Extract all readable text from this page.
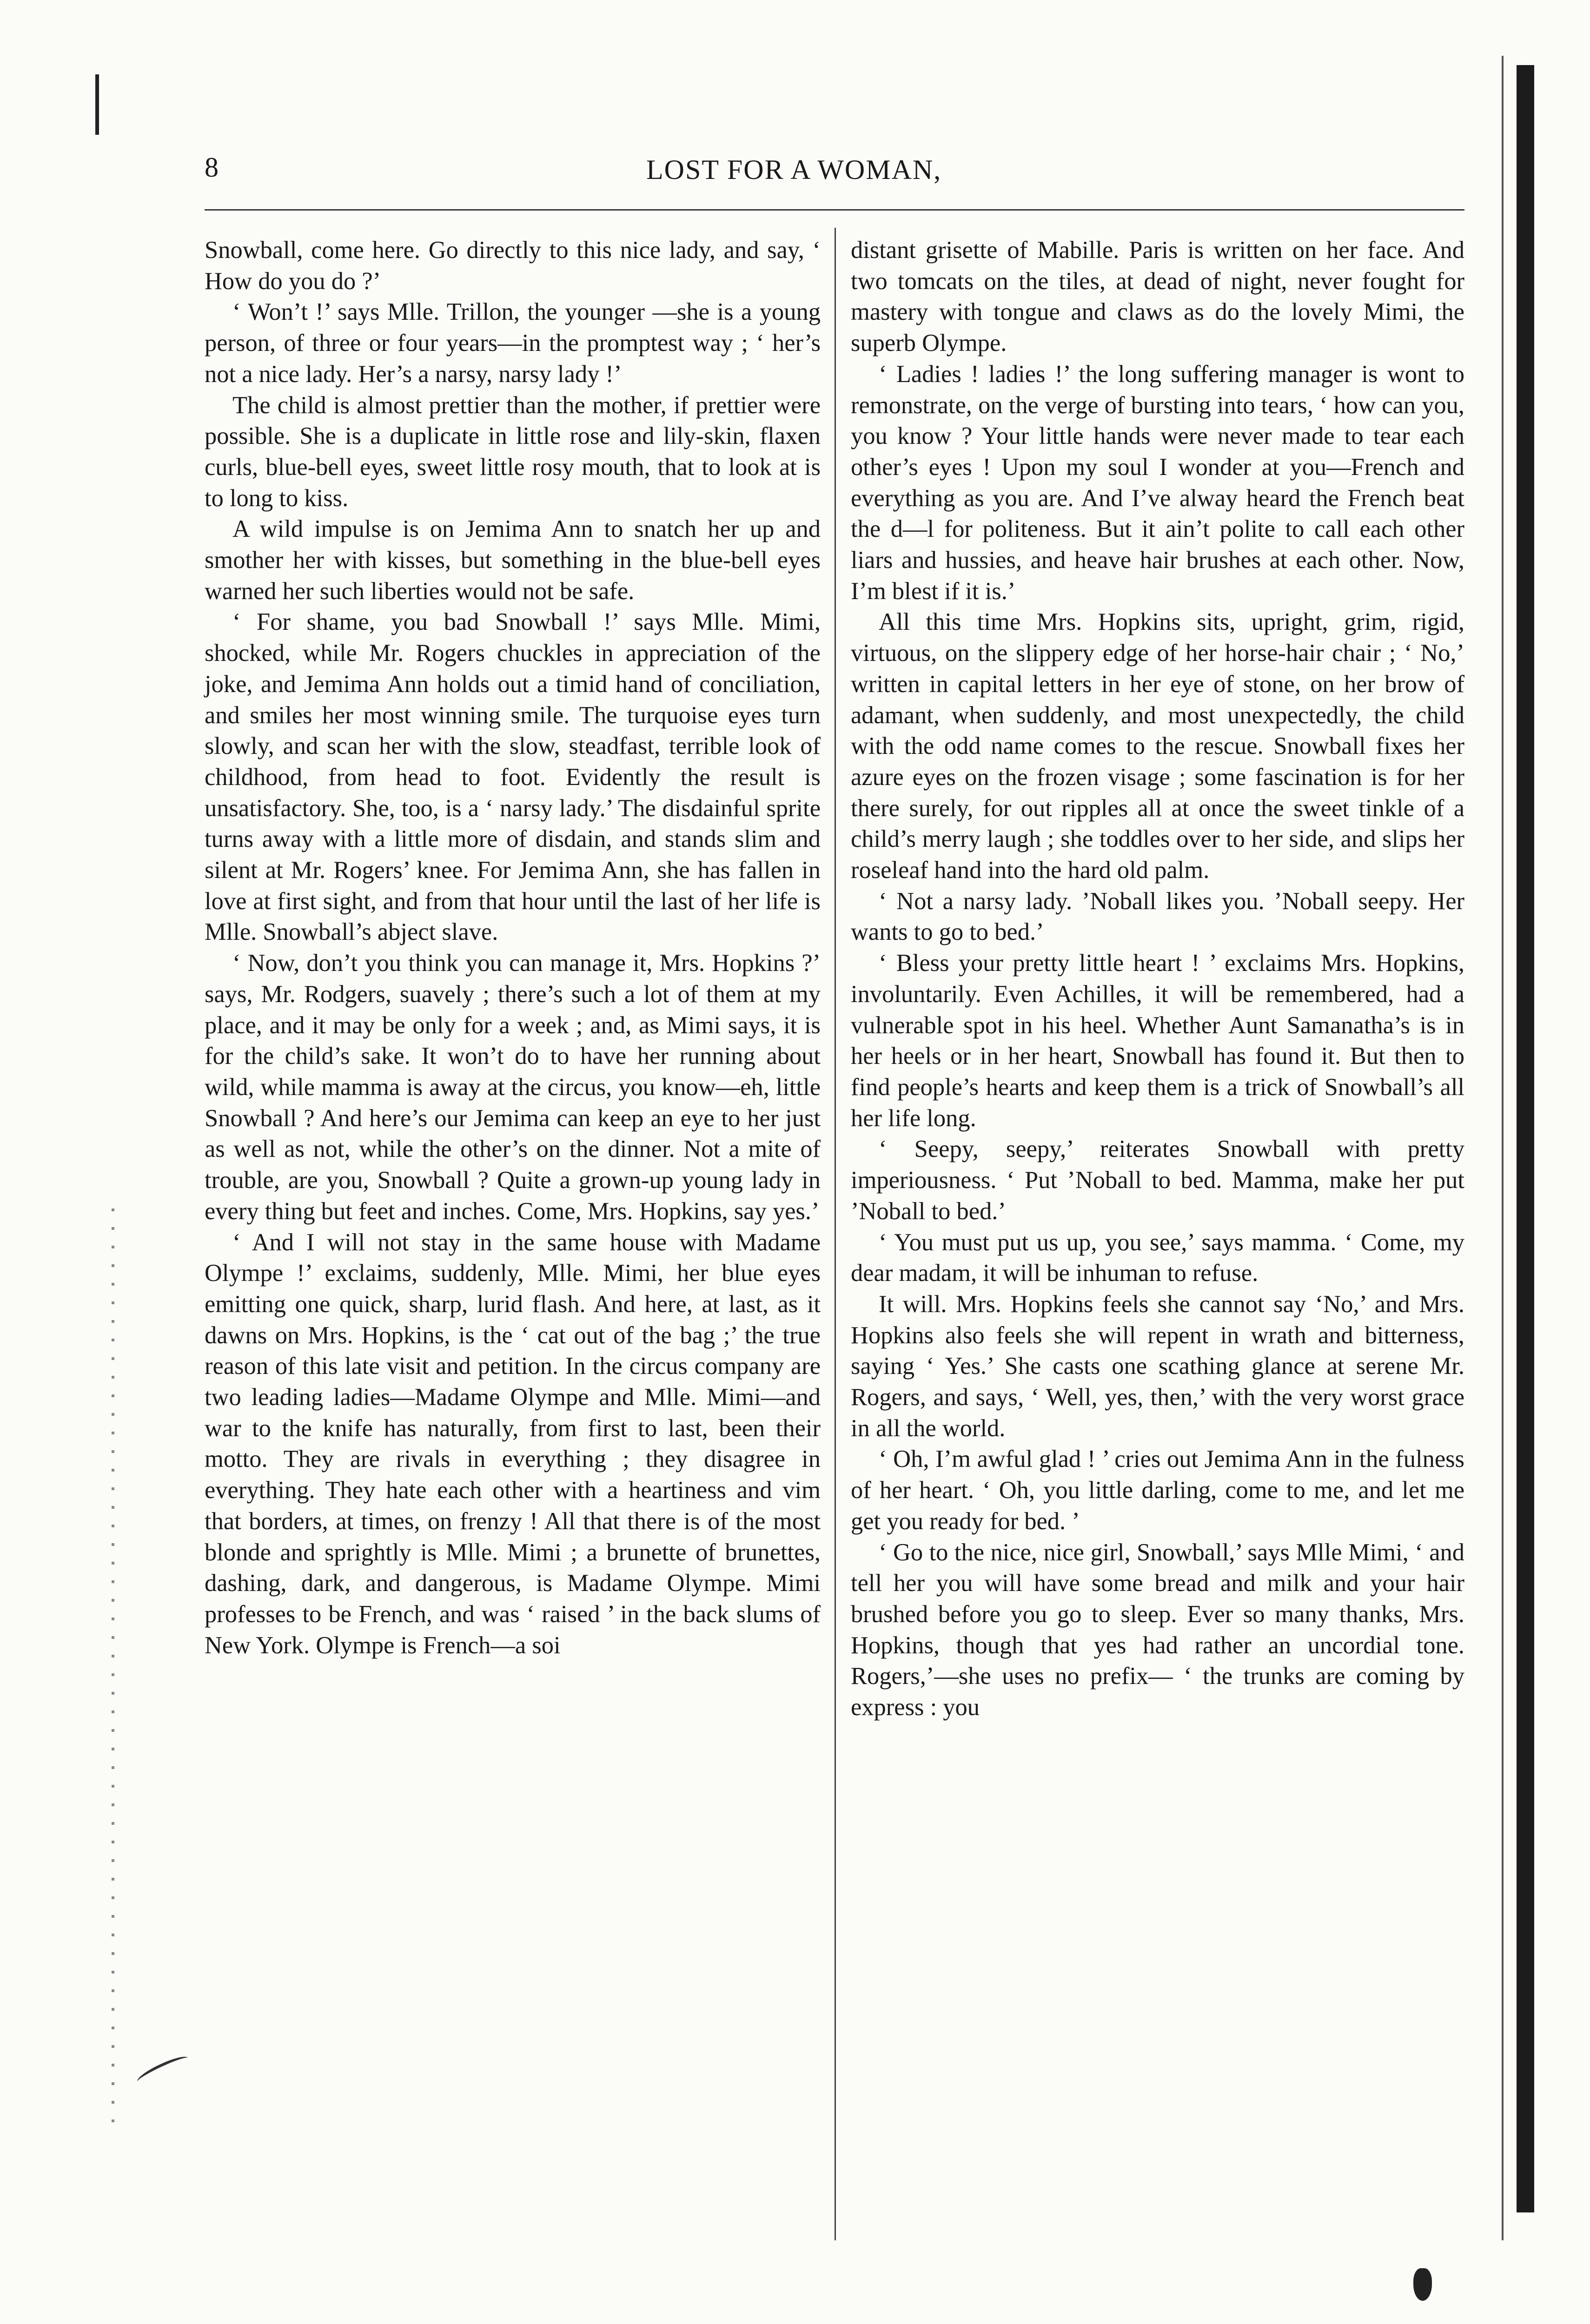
8	LOST FOR A WOMAN,

Snowball, come here. Go directly to this nice lady, and say, ‘ How do you do ?’

‘ Won’t !’ says Mlle. Trillon, the younger —she is a young person, of three or four years—in the promptest way ; ‘ her’s not a nice lady. Her’s a narsy, narsy lady !’

The child is almost prettier than the mother, if prettier were possible. She is a duplicate in little rose and lily-skin, flaxen curls, blue-bell eyes, sweet little rosy mouth, that to look at is to long to kiss.

A wild impulse is on Jemima Ann to snatch her up and smother her with kisses, but something in the blue-bell eyes warned her such liberties would not be safe.

‘ For shame, you bad Snowball !’ says Mlle. Mimi, shocked, while Mr. Rogers chuckles in appreciation of the joke, and Jemima Ann holds out a timid hand of conciliation, and smiles her most winning smile. The turquoise eyes turn slowly, and scan her with the slow, steadfast, terrible look of childhood, from head to foot. Evidently the result is unsatisfactory. She, too, is a ‘ narsy lady.’ The disdainful sprite turns away with a little more of disdain, and stands slim and silent at Mr. Rogers’ knee. For Jemima Ann, she has fallen in love at first sight, and from that hour until the last of her life is Mlle. Snowball’s abject slave.

‘ Now, don’t you think you can manage it, Mrs. Hopkins ?’ says, Mr. Rodgers, suavely ; there’s such a lot of them at my place, and it may be only for a week ; and, as Mimi says, it is for the child’s sake. It won’t do to have her running about wild, while mamma is away at the circus, you know—eh, little Snowball ? And here’s our Jemima can keep an eye to her just as well as not, while the other’s on the dinner. Not a mite of trouble, are you, Snowball ? Quite a grown-up young lady in every thing but feet and inches. Come, Mrs. Hopkins, say yes.’

‘ And I will not stay in the same house with Madame Olympe !’ exclaims, suddenly, Mlle. Mimi, her blue eyes emitting one quick, sharp, lurid flash. And here, at last, as it dawns on Mrs. Hopkins, is the ‘ cat out of the bag ;’ the true reason of this late visit and petition. In the circus company are two leading ladies—Madame Olympe and Mlle. Mimi—and war to the knife has naturally, from first to last, been their motto. They are rivals in everything ; they disagree in everything. They hate each other with a heartiness and vim that borders, at times, on frenzy ! All that there is of the most blonde and sprightly is Mlle. Mimi ; a brunette of brunettes, dashing, dark, and dangerous, is Madame Olympe. Mimi professes to be French, and was ‘ raised ’ in the back slums of New York. Olympe is French—a soi

distant grisette of Mabille. Paris is written on her face. And two tomcats on the tiles, at dead of night, never fought for mastery with tongue and claws as do the lovely Mimi, the superb Olympe.

‘ Ladies ! ladies !’ the long suffering manager is wont to remonstrate, on the verge of bursting into tears, ‘ how can you, you know ? Your little hands were never made to tear each other’s eyes ! Upon my soul I wonder at you—French and everything as you are. And I’ve alway heard the French beat the d—l for politeness. But it ain’t polite to call each other liars and hussies, and heave hair brushes at each other. Now, I’m blest if it is.’

All this time Mrs. Hopkins sits, upright, grim, rigid, virtuous, on the slippery edge of her horse-hair chair ; ‘ No,’ written in capital letters in her eye of stone, on her brow of adamant, when suddenly, and most unexpectedly, the child with the odd name comes to the rescue. Snowball fixes her azure eyes on the frozen visage ; some fascination is for her there surely, for out ripples all at once the sweet tinkle of a child’s merry laugh ; she toddles over to her side, and slips her roseleaf hand into the hard old palm.

‘ Not a narsy lady. ’Noball likes you. ’Noball seepy. Her wants to go to bed.’

‘ Bless your pretty little heart ! ’ exclaims Mrs. Hopkins, involuntarily. Even Achilles, it will be remembered, had a vulnerable spot in his heel. Whether Aunt Samanatha’s is in her heels or in her heart, Snowball has found it. But then to find people’s hearts and keep them is a trick of Snowball’s all her life long.

‘ Seepy, seepy,’ reiterates Snowball with pretty imperiousness. ‘ Put ’Noball to bed. Mamma, make her put ’Noball to bed.’

‘ You must put us up, you see,’ says mamma. ‘ Come, my dear madam, it will be inhuman to refuse.

It will. Mrs. Hopkins feels she cannot say ‘No,’ and Mrs. Hopkins also feels she will repent in wrath and bitterness, saying ‘ Yes.’ She casts one scathing glance at serene Mr. Rogers, and says, ‘ Well, yes, then,’ with the very worst grace in all the world.

‘ Oh, I’m awful glad ! ’ cries out Jemima Ann in the fulness of her heart. ‘ Oh, you little darling, come to me, and let me get you ready for bed. ’

‘ Go to the nice, nice girl, Snowball,’ says Mlle Mimi, ‘ and tell her you will have some bread and milk and your hair brushed before you go to sleep. Ever so many thanks, Mrs. Hopkins, though that yes had rather an uncordial tone. Rogers,’—she uses no prefix— ‘ the trunks are coming by express : you
